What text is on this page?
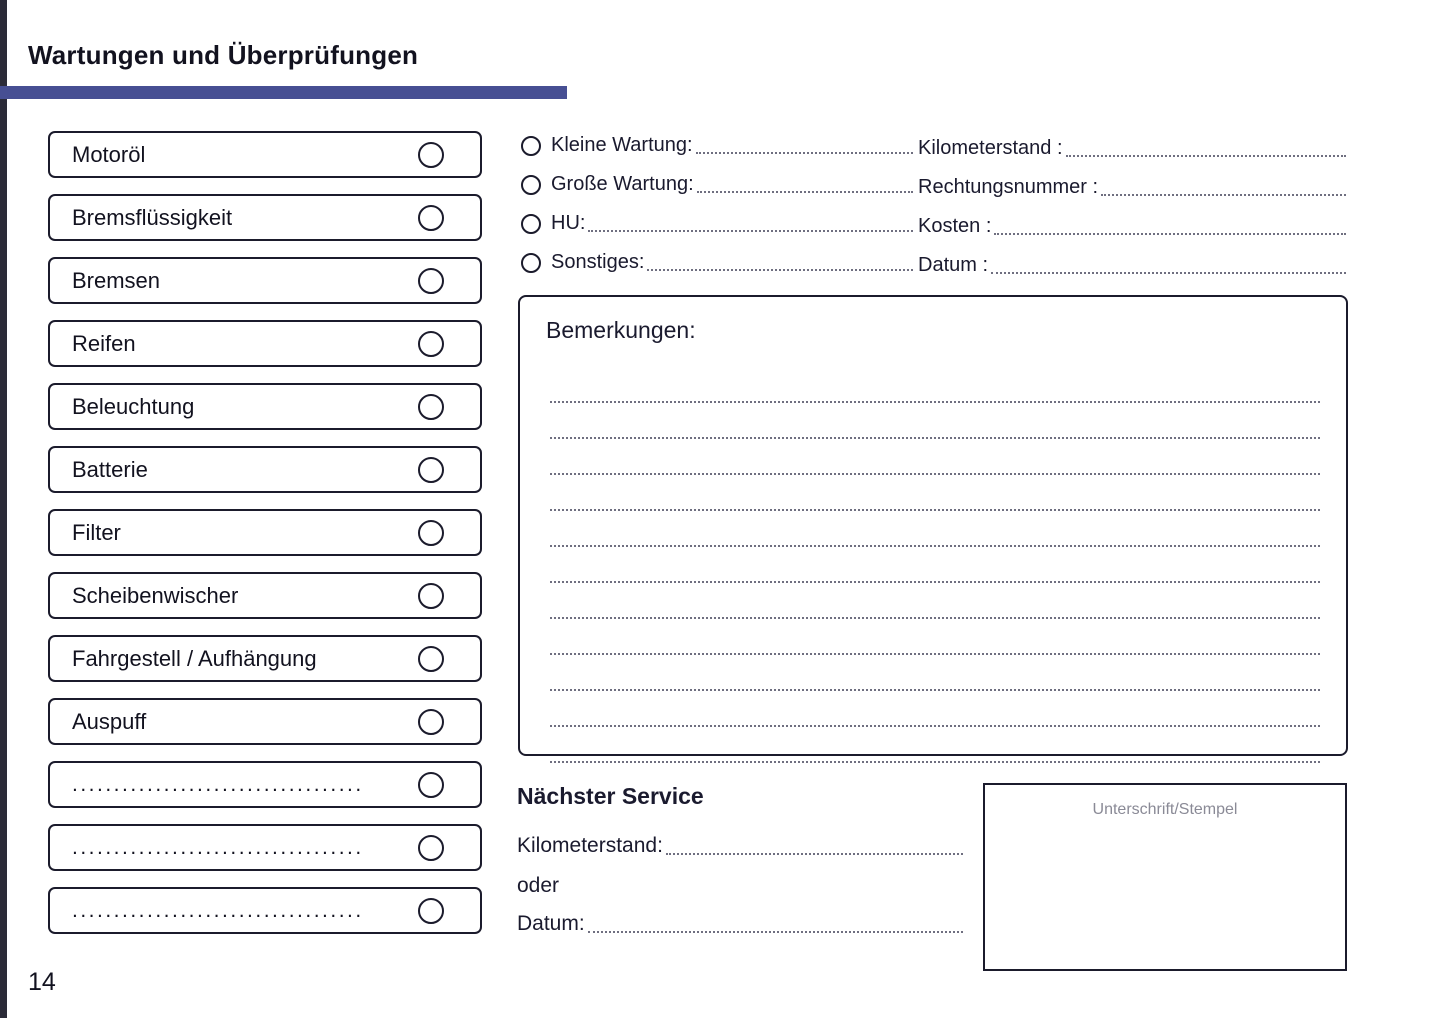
Wartungen und Überprüfungen
Motoröl
Bremsflüssigkeit
Bremsen
Reifen
Beleuchtung
Batterie
Filter
Scheibenwischer
Fahrgestell / Aufhängung
Auspuff
...................................
...................................
...................................
Kleine Wartung:
Große Wartung:
HU:
Sonstiges:
Kilometerstand :
Rechtungsnummer :
Kosten :
Datum :
Bemerkungen:
Nächster Service
Kilometerstand:
oder
Datum:
Unterschrift/Stempel
14
